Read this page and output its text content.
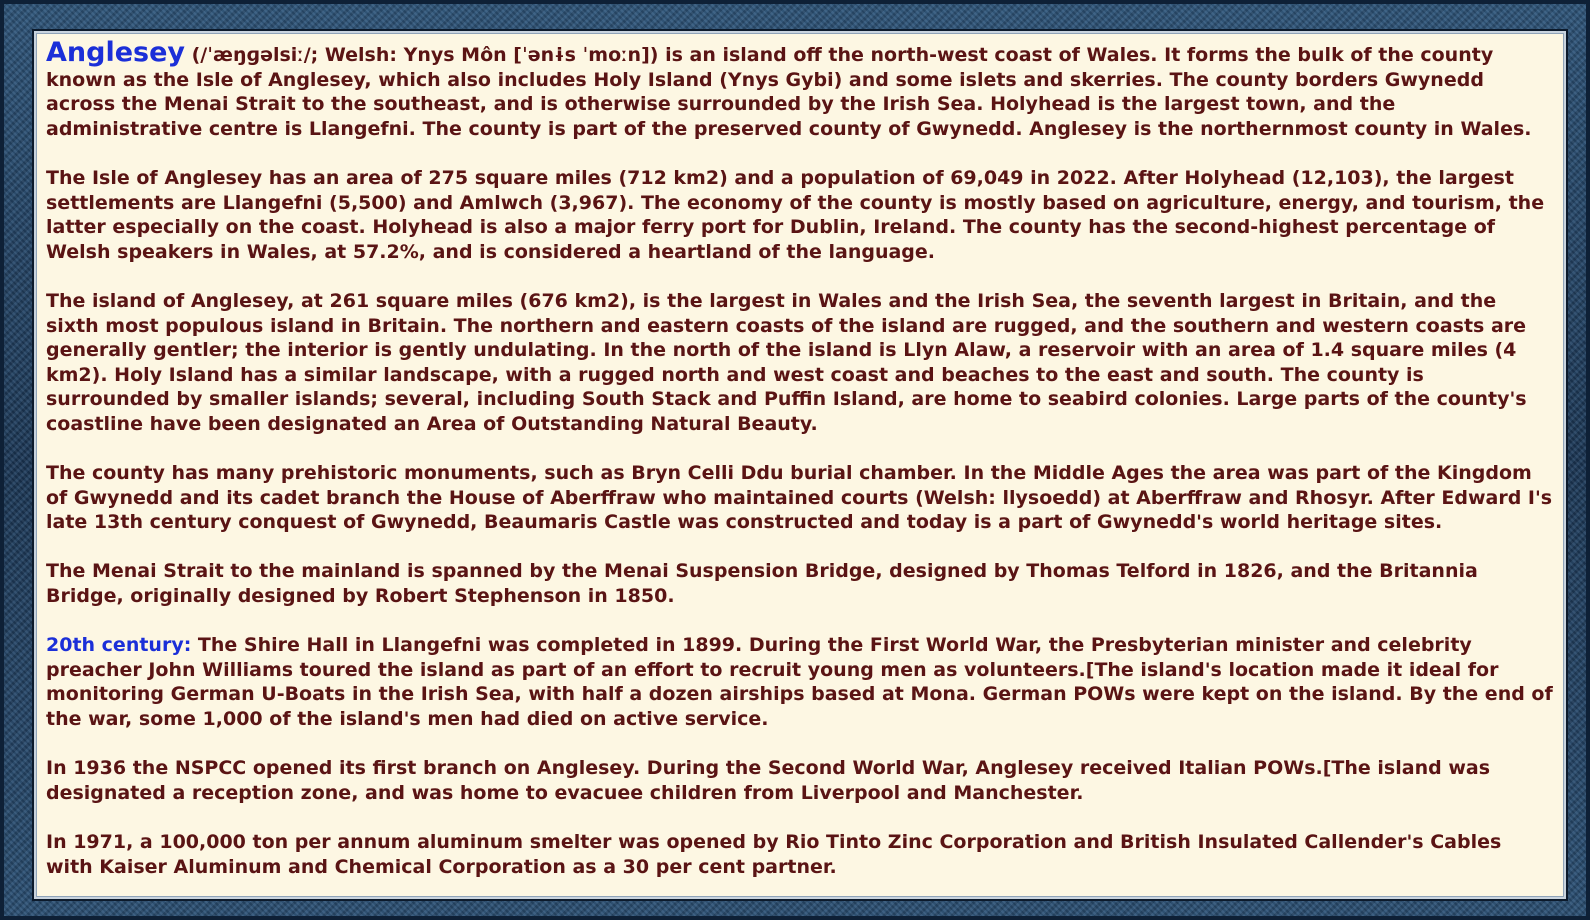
Anglesey (/ˈæŋɡəlsiː/; Welsh: Ynys Môn [ˈənɨs ˈmoːn]) is an island off the north-west coast of Wales. It forms the bulk of the county known as the Isle of Anglesey, which also includes Holy Island (Ynys Gybi) and some islets and skerries. The county borders Gwynedd across the Menai Strait to the southeast, and is otherwise surrounded by the Irish Sea. Holyhead is the largest town, and the administrative centre is Llangefni. The county is part of the preserved county of Gwynedd. Anglesey is the northernmost county in Wales.

The Isle of Anglesey has an area of 275 square miles (712 km2) and a population of 69,049 in 2022. After Holyhead (12,103), the largest settlements are Llangefni (5,500) and Amlwch (3,967). The economy of the county is mostly based on agriculture, energy, and tourism, the latter especially on the coast. Holyhead is also a major ferry port for Dublin, Ireland. The county has the second-highest percentage of Welsh speakers in Wales, at 57.2%, and is considered a heartland of the language.

The island of Anglesey, at 261 square miles (676 km2), is the largest in Wales and the Irish Sea, the seventh largest in Britain, and the sixth most populous island in Britain. The northern and eastern coasts of the island are rugged, and the southern and western coasts are generally gentler; the interior is gently undulating. In the north of the island is Llyn Alaw, a reservoir with an area of 1.4 square miles (4 km2). Holy Island has a similar landscape, with a rugged north and west coast and beaches to the east and south. The county is surrounded by smaller islands; several, including South Stack and Puffin Island, are home to seabird colonies. Large parts of the county's coastline have been designated an Area of Outstanding Natural Beauty.

The county has many prehistoric monuments, such as Bryn Celli Ddu burial chamber. In the Middle Ages the area was part of the Kingdom of Gwynedd and its cadet branch the House of Aberffraw who maintained courts (Welsh: llysoedd) at Aberffraw and Rhosyr. After Edward I's late 13th century conquest of Gwynedd, Beaumaris Castle was constructed and today is a part of Gwynedd's world heritage sites.

The Menai Strait to the mainland is spanned by the Menai Suspension Bridge, designed by Thomas Telford in 1826, and the Britannia Bridge, originally designed by Robert Stephenson in 1850.

20th century: The Shire Hall in Llangefni was completed in 1899. During the First World War, the Presbyterian minister and celebrity preacher John Williams toured the island as part of an effort to recruit young men as volunteers.[The island's location made it ideal for monitoring German U-Boats in the Irish Sea, with half a dozen airships based at Mona. German POWs were kept on the island. By the end of the war, some 1,000 of the island's men had died on active service.

In 1936 the NSPCC opened its first branch on Anglesey. During the Second World War, Anglesey received Italian POWs.[The island was designated a reception zone, and was home to evacuee children from Liverpool and Manchester.

In 1971, a 100,000 ton per annum aluminum smelter was opened by Rio Tinto Zinc Corporation and British Insulated Callender's Cables with Kaiser Aluminum and Chemical Corporation as a 30 per cent partner.
